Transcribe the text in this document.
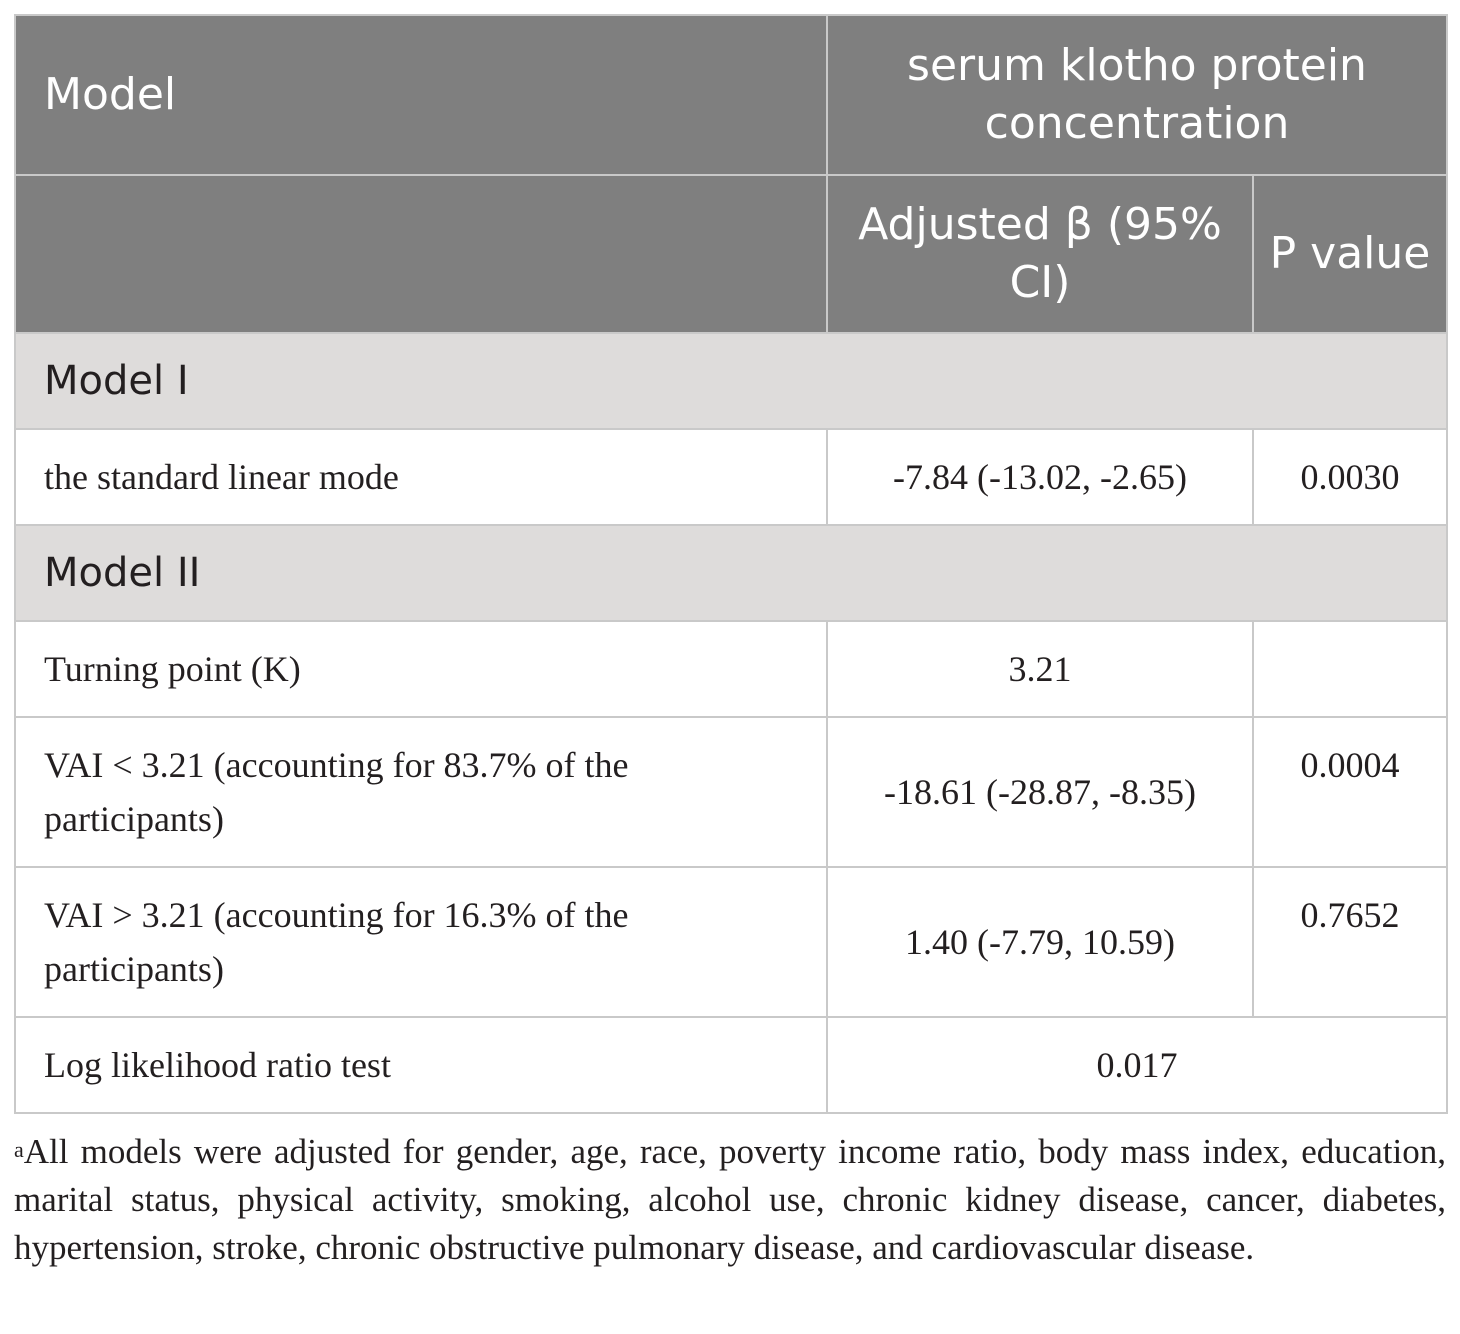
Model	serum klotho protein concentration	
	Adjusted β (95% CI)	P value
Model I		
the standard linear mode	-7.84 (-13.02, -2.65)	0.0030
Model II		
Turning point (K)	3.21	
VAI < 3.21 (accounting for 83.7% of the participants)	-18.61 (-28.87, -8.35)	0.0004
VAI > 3.21 (accounting for 16.3% of the participants)	1.40 (-7.79, 10.59)	0.7652
Log likelihood ratio test	0.017	
$^a$All models were adjusted for gender, age, race, poverty income ratio, body mass index, education, marital status, physical activity, smoking, alcohol use, chronic kidney disease, cancer, diabetes, hypertension, stroke, chronic obstructive pulmonary disease, and cardiovascular disease.
